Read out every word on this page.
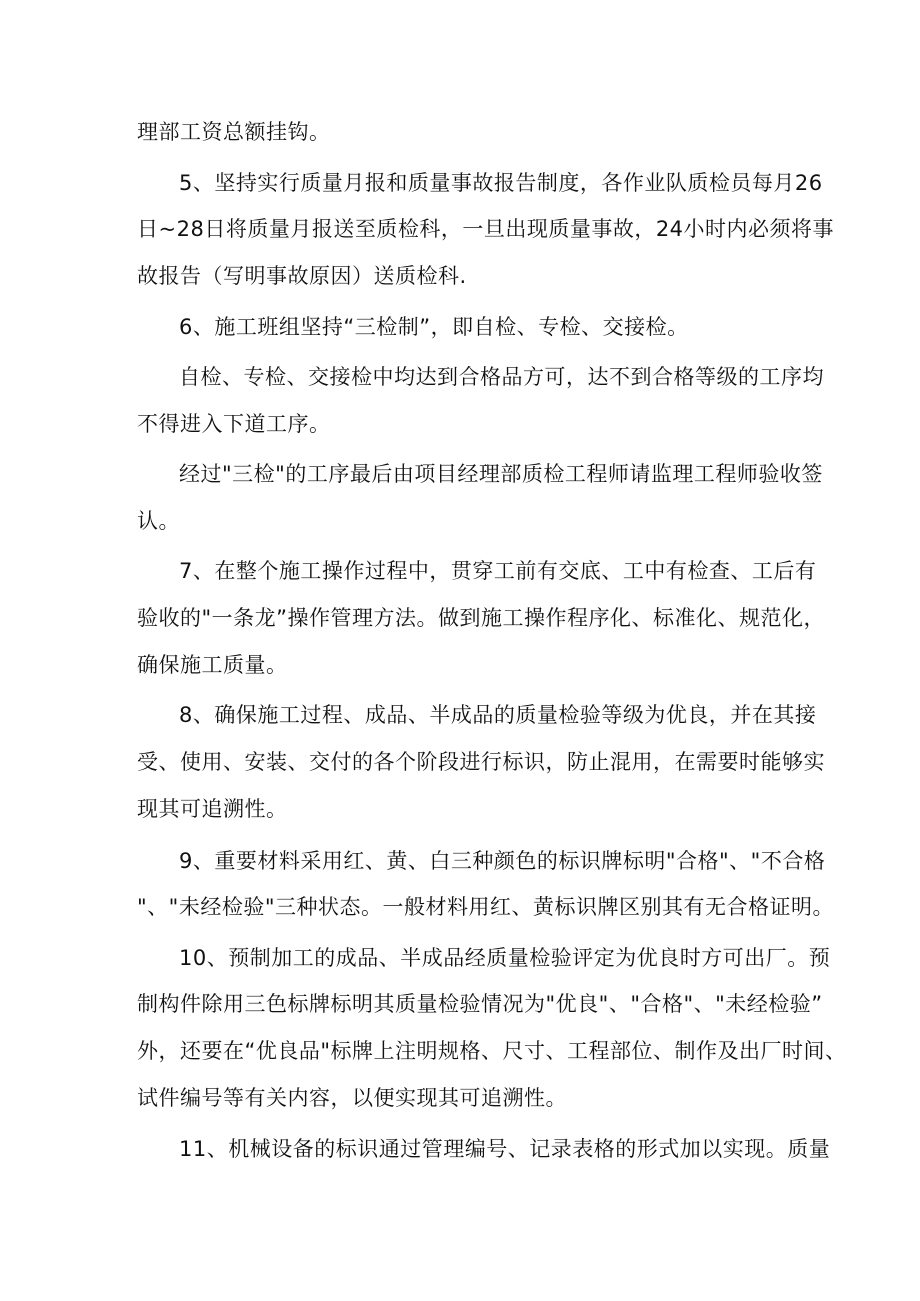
理部工资总额挂钩。
5、坚持实行质量月报和质量事故报告制度，各作业队质检员每月26
日~28日将质量月报送至质检科，一旦出现质量事故，24小时内必须将事
故报告（写明事故原因）送质检科.
6、施工班组坚持“三检制”，即自检、专检、交接检。
自检、专检、交接检中均达到合格品方可，达不到合格等级的工序均
不得进入下道工序。
经过"三检"的工序最后由项目经理部质检工程师请监理工程师验收签
认。
7、在整个施工操作过程中，贯穿工前有交底、工中有检查、工后有
验收的"一条龙”操作管理方法。做到施工操作程序化、标准化、规范化，
确保施工质量。
8、确保施工过程、成品、半成品的质量检验等级为优良，并在其接
受、使用、安装、交付的各个阶段进行标识，防止混用，在需要时能够实
现其可追溯性。
9、重要材料采用红、黄、白三种颜色的标识牌标明"合格"、"不合格
"、"未经检验"三种状态。一般材料用红、黄标识牌区别其有无合格证明。
10、预制加工的成品、半成品经质量检验评定为优良时方可出厂。预
制构件除用三色标牌标明其质量检验情况为"优良"、"合格"、"未经检验”
外，还要在“优良品"标牌上注明规格、尺寸、工程部位、制作及出厂时间、
试件编号等有关内容，以便实现其可追溯性。
11、机械设备的标识通过管理编号、记录表格的形式加以实现。质量
